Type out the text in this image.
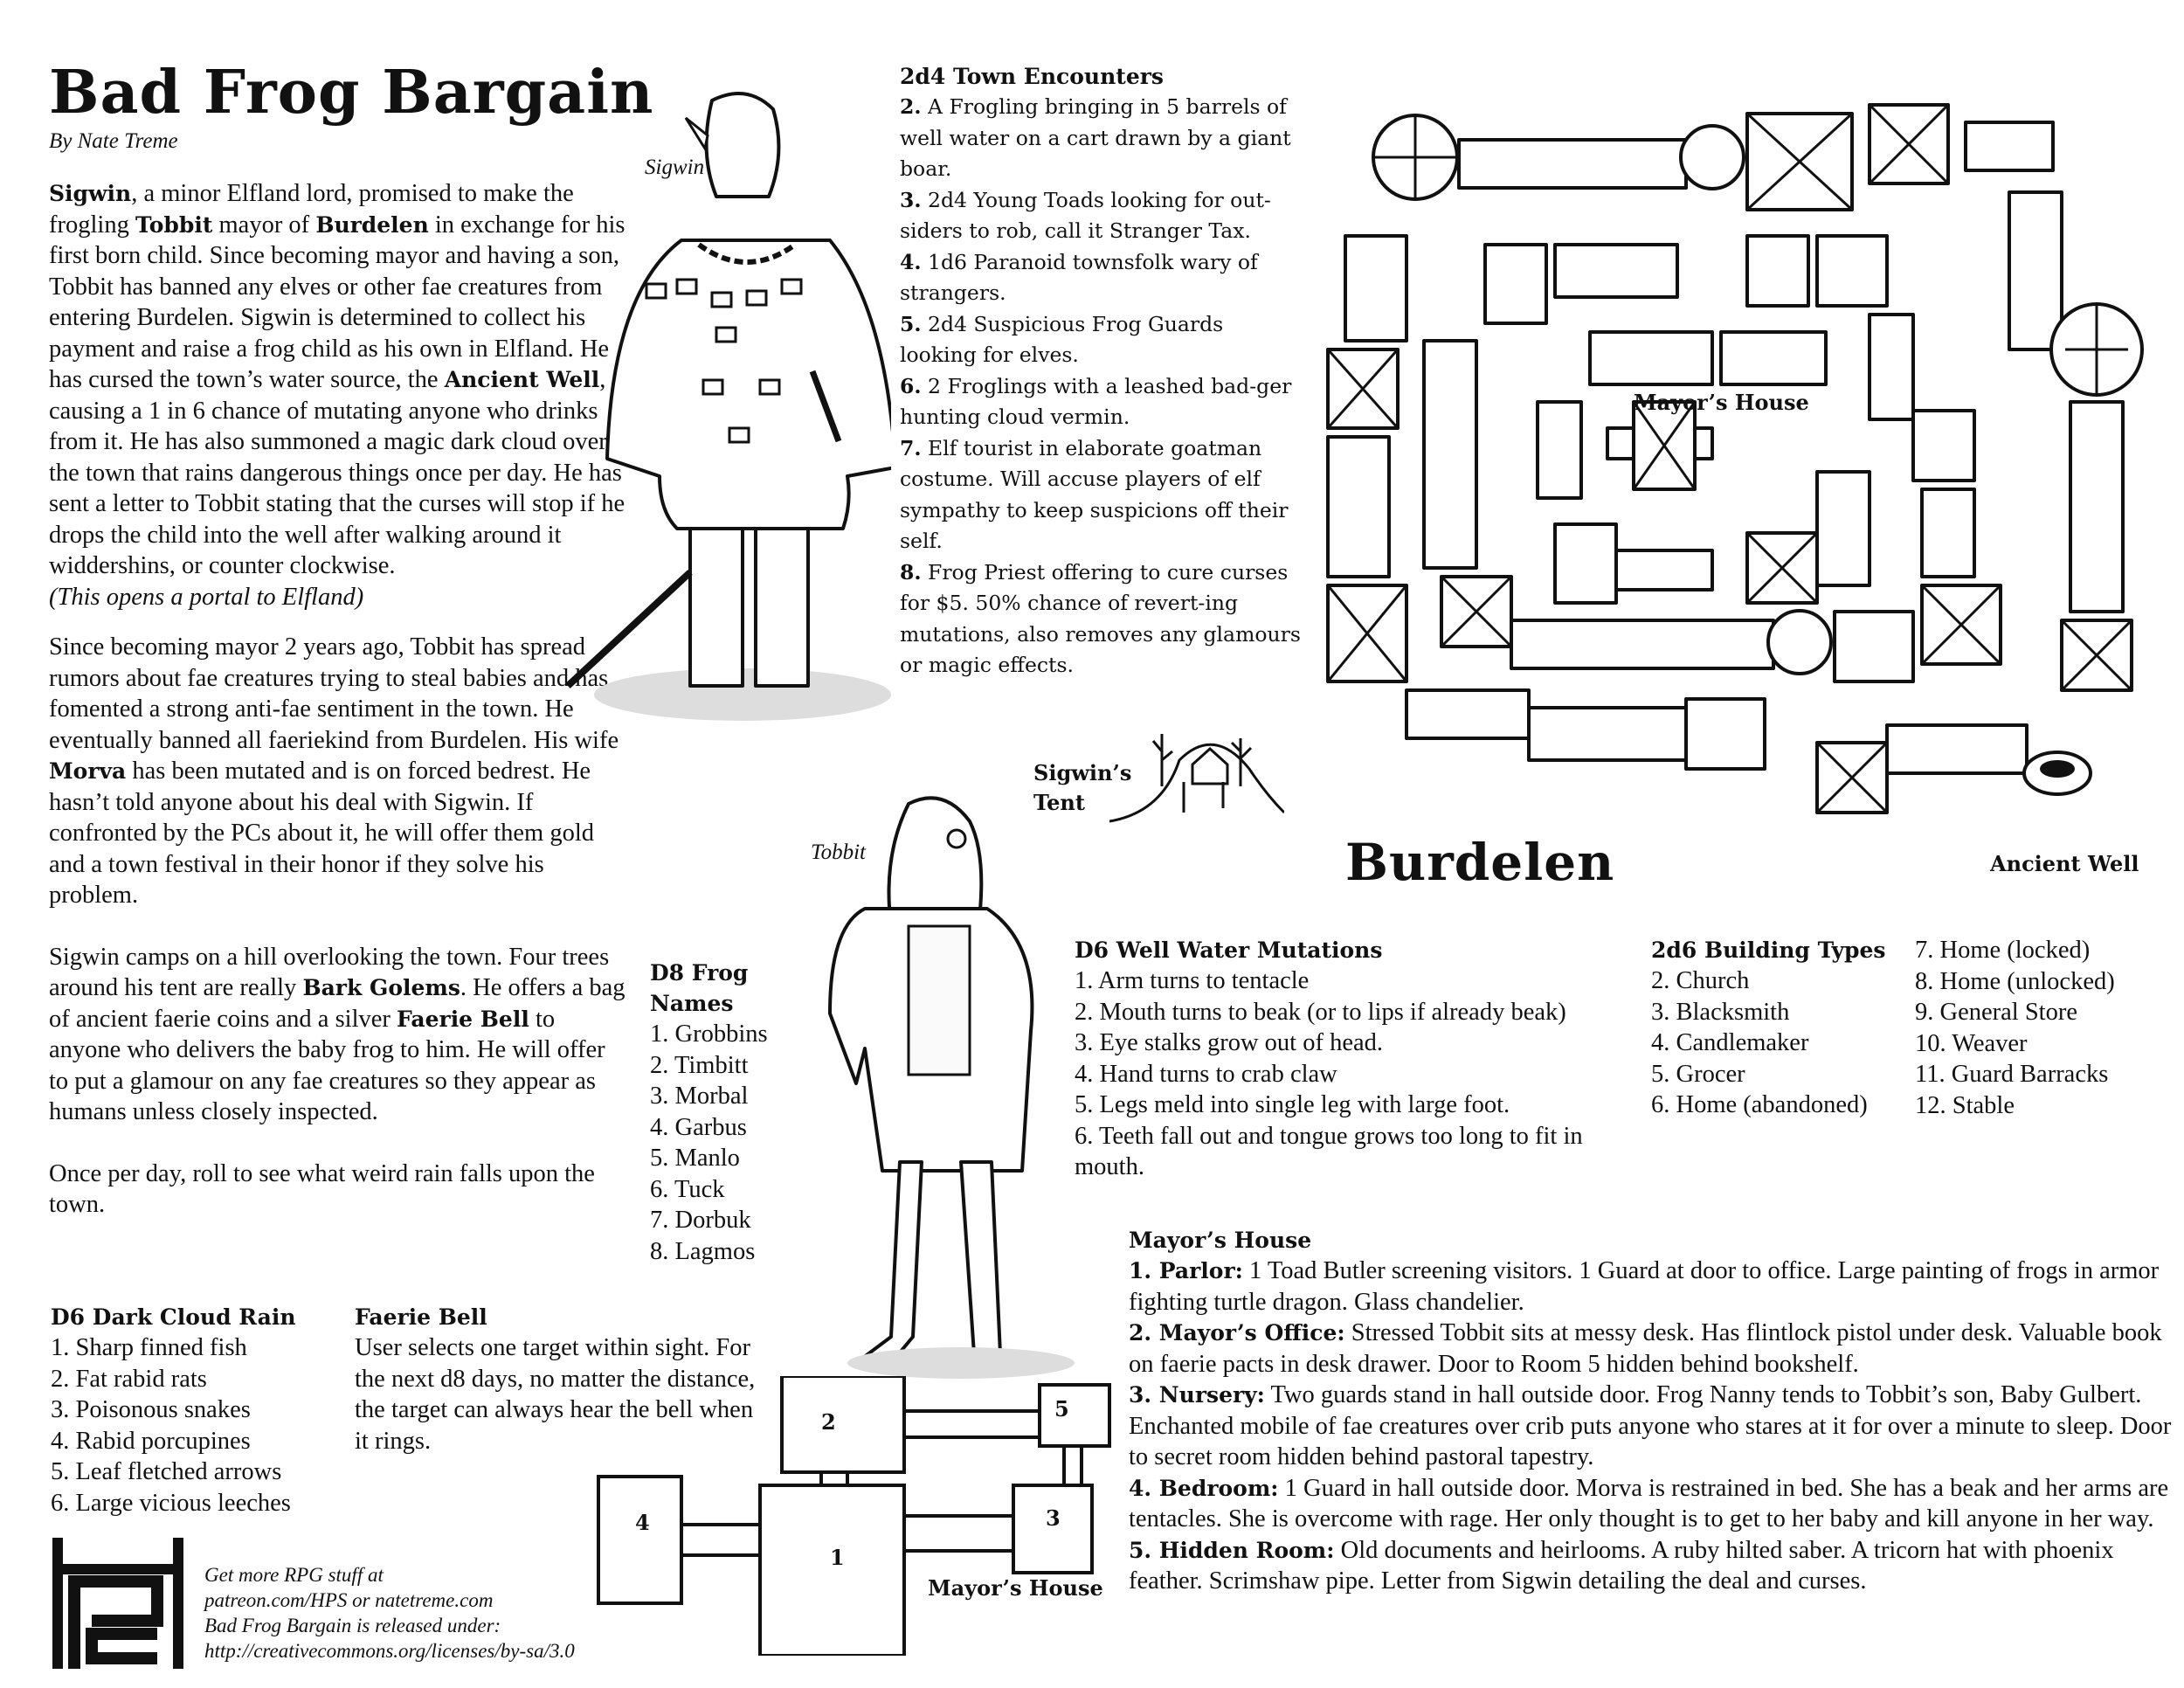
Bad Frog Bargain
By Nate Treme

Sigwin, a minor Elfland lord, promised to make the frogling Tobbit mayor of Burdelen in exchange for his first born child. Since becoming mayor and having a son, Tobbit has banned any elves or other fae creatures from entering Burdelen. Sigwin is determined to collect his payment and raise a frog child as his own in Elfland. He has cursed the town’s water source, the Ancient Well, causing a 1 in 6 chance of mutating anyone who drinks from it. He has also summoned a magic dark cloud over the town that rains dangerous things once per day. He has sent a letter to Tobbit stating that the curses will stop if he drops the child into the well after walking around it widdershins, or counter clockwise.

(This opens a portal to Elfland)

Since becoming mayor 2 years ago, Tobbit has spread rumors about fae creatures trying to steal babies and has fomented a strong anti-fae sentiment in the town. He eventually banned all faeriekind from Burdelen. His wife Morva has been mutated and is on forced bedrest. He hasn’t told anyone about his deal with Sigwin. If confronted by the PCs about it, he will offer them gold and a town festival in their honor if they solve his problem.

Sigwin camps on a hill overlooking the town. Four trees around his tent are really Bark Golems. He offers a bag of ancient faerie coins and a silver Faerie Bell to anyone who delivers the baby frog to him. He will offer to put a glamour on any fae creatures so they appear as humans unless closely inspected.

Once per day, roll to see what weird rain falls upon the town.

Sigwin
2d4 Town Encounters
2. A Frogling bringing in 5 barrels of well water on a cart drawn by a giant boar.
3. 2d4 Young Toads looking for out-siders to rob, call it Stranger Tax.
4. 1d6 Paranoid townsfolk wary of strangers.
5. 2d4 Suspicious Frog Guards looking for elves.
6. 2 Froglings with a leashed bad-ger hunting cloud vermin.
7. Elf tourist in elaborate goatman costume. Will accuse players of elf sympathy to keep suspicions off their self.
8. Frog Priest offering to cure curses for $5. 50% chance of revert-ing mutations, also removes any glamours or magic effects.
Sigwin’s
Tent
Mayor’s House
Burdelen	Ancient Well
Tobbit
D8 Frog
Names
1. Grobbins
2. Timbitt
3. Morbal
4. Garbus
5. Manlo
6. Tuck
7. Dorbuk
8. Lagmos
D6 Dark Cloud Rain
1. Sharp finned fish
2. Fat rabid rats
3. Poisonous snakes
4. Rabid porcupines
5. Leaf fletched arrows
6. Large vicious leeches
Faerie Bell
User selects one target within sight. For the next d8 days, no matter the distance, the target can always hear the bell when it rings.
Get more RPG stuff at
patreon.com/HPS or natetreme.com
Bad Frog Bargain is released under:
http://creativecommons.org/licenses/by-sa/3.0
2
5
4	3
1
Mayor’s House
D6 Well Water Mutations
1. Arm turns to tentacle
2. Mouth turns to beak (or to lips if already beak)
3. Eye stalks grow out of head.
4. Hand turns to crab claw
5. Legs meld into single leg with large foot.
6. Teeth fall out and tongue grows too long to fit in mouth.
2d6 Building Types
2. Church
3. Blacksmith
4. Candlemaker
5. Grocer
6. Home (abandoned)
7. Home (locked)
8. Home (unlocked)
9. General Store
10. Weaver
11. Guard Barracks
12. Stable
Mayor’s House
1. Parlor: 1 Toad Butler screening visitors. 1 Guard at door to office. Large painting of frogs in armor fighting turtle dragon. Glass chandelier.
2. Mayor’s Office: Stressed Tobbit sits at messy desk. Has flintlock pistol under desk. Valuable book on faerie pacts in desk drawer. Door to Room 5 hidden behind bookshelf.
3. Nursery: Two guards stand in hall outside door. Frog Nanny tends to Tobbit’s son, Baby Gulbert. Enchanted mobile of fae creatures over crib puts anyone who stares at it for over a minute to sleep. Door to secret room hidden behind pastoral tapestry.
4. Bedroom: 1 Guard in hall outside door. Morva is restrained in bed. She has a beak and her arms are tentacles. She is overcome with rage. Her only thought is to get to her baby and kill anyone in her way.
5. Hidden Room: Old documents and heirlooms. A ruby hilted saber. A tricorn hat with phoenix feather. Scrimshaw pipe. Letter from Sigwin detailing the deal and curses.
